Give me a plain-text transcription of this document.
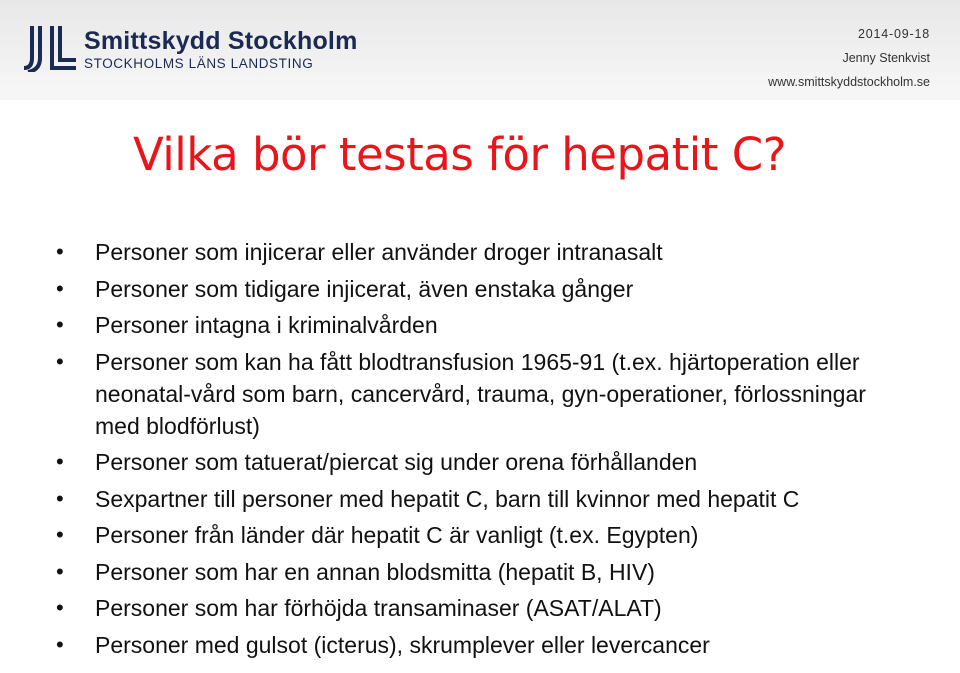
Smittskydd Stockholm
STOCKHOLMS LÄNS LANDSTING
2014-09-18
Jenny Stenkvist
www.smittskyddstockholm.se
Vilka bör testas för hepatit C?
• Personer som injicerar eller använder droger intranasalt
• Personer som tidigare injicerat, även enstaka gånger
• Personer intagna i kriminalvården
• Personer som kan ha fått blodtransfusion 1965-91 (t.ex. hjärtoperation eller neonatal-vård som barn, cancervård, trauma, gyn-operationer, förlossningar med blodförlust)
• Personer som tatuerat/piercat sig under orena förhållanden
• Sexpartner till personer med hepatit C, barn till kvinnor med hepatit C
• Personer från länder där hepatit C är vanligt (t.ex. Egypten)
• Personer som har en annan blodsmitta (hepatit B, HIV)
• Personer som har förhöjda transaminaser (ASAT/ALAT)
• Personer med gulsot (icterus), skrumplever eller levercancer
